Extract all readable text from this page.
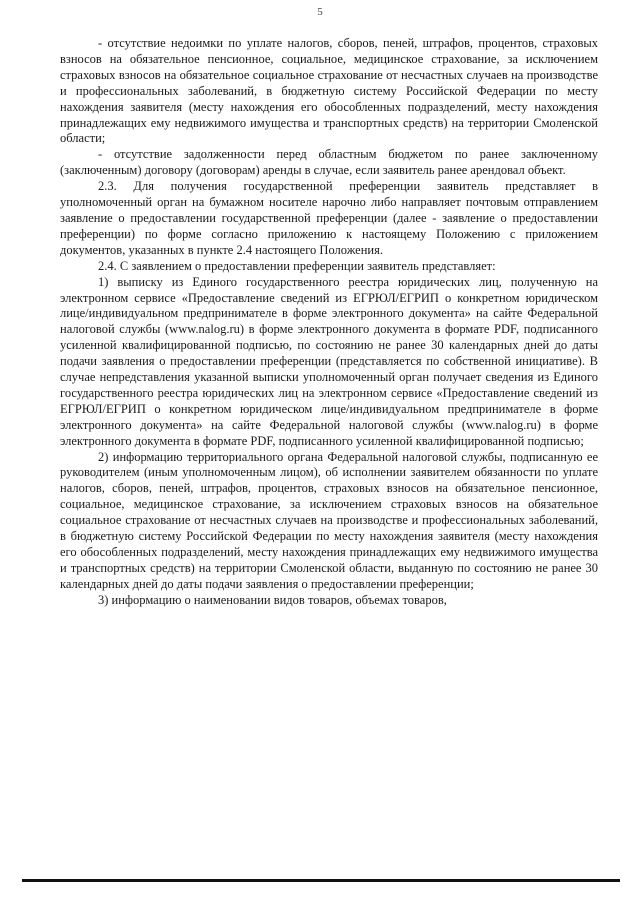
5

- отсутствие недоимки по уплате налогов, сборов, пеней, штрафов, процентов, страховых взносов на обязательное пенсионное, социальное, медицинское страхование, за исключением страховых взносов на обязательное социальное страхование от несчастных случаев на производстве и профессиональных заболеваний, в бюджетную систему Российской Федерации по месту нахождения заявителя (месту нахождения его обособленных подразделений, месту нахождения принадлежащих ему недвижимого имущества и транспортных средств) на территории Смоленской области;

- отсутствие задолженности перед областным бюджетом по ранее заключенному (заключенным) договору (договорам) аренды в случае, если заявитель ранее арендовал объект.

2.3. Для получения государственной преференции заявитель представляет в уполномоченный орган на бумажном носителе нарочно либо направляет почтовым отправлением заявление о предоставлении государственной преференции (далее - заявление о предоставлении преференции) по форме согласно приложению к настоящему Положению с приложением документов, указанных в пункте 2.4 настоящего Положения.

2.4. С заявлением о предоставлении преференции заявитель представляет:

1) выписку из Единого государственного реестра юридических лиц, полученную на электронном сервисе «Предоставление сведений из ЕГРЮЛ/ЕГРИП о конкретном юридическом лице/индивидуальном предпринимателе в форме электронного документа» на сайте Федеральной налоговой службы (www.nalog.ru) в форме электронного документа в формате PDF, подписанного усиленной квалифицированной подписью, по состоянию не ранее 30 календарных дней до даты подачи заявления о предоставлении преференции (представляется по собственной инициативе). В случае непредставления указанной выписки уполномоченный орган получает сведения из Единого государственного реестра юридических лиц на электронном сервисе «Предоставление сведений из ЕГРЮЛ/ЕГРИП о конкретном юридическом лице/индивидуальном предпринимателе в форме электронного документа» на сайте Федеральной налоговой службы (www.nalog.ru) в форме электронного документа в формате PDF, подписанного усиленной квалифицированной подписью;

2) информацию территориального органа Федеральной налоговой службы, подписанную ее руководителем (иным уполномоченным лицом), об исполнении заявителем обязанности по уплате налогов, сборов, пеней, штрафов, процентов, страховых взносов на обязательное пенсионное, социальное, медицинское страхование, за исключением страховых взносов на обязательное социальное страхование от несчастных случаев на производстве и профессиональных заболеваний, в бюджетную систему Российской Федерации по месту нахождения заявителя (месту нахождения его обособленных подразделений, месту нахождения принадлежащих ему недвижимого имущества и транспортных средств) на территории Смоленской области, выданную по состоянию не ранее 30 календарных дней до даты подачи заявления о предоставлении преференции;

3) информацию о наименовании видов товаров, объемах товаров,
